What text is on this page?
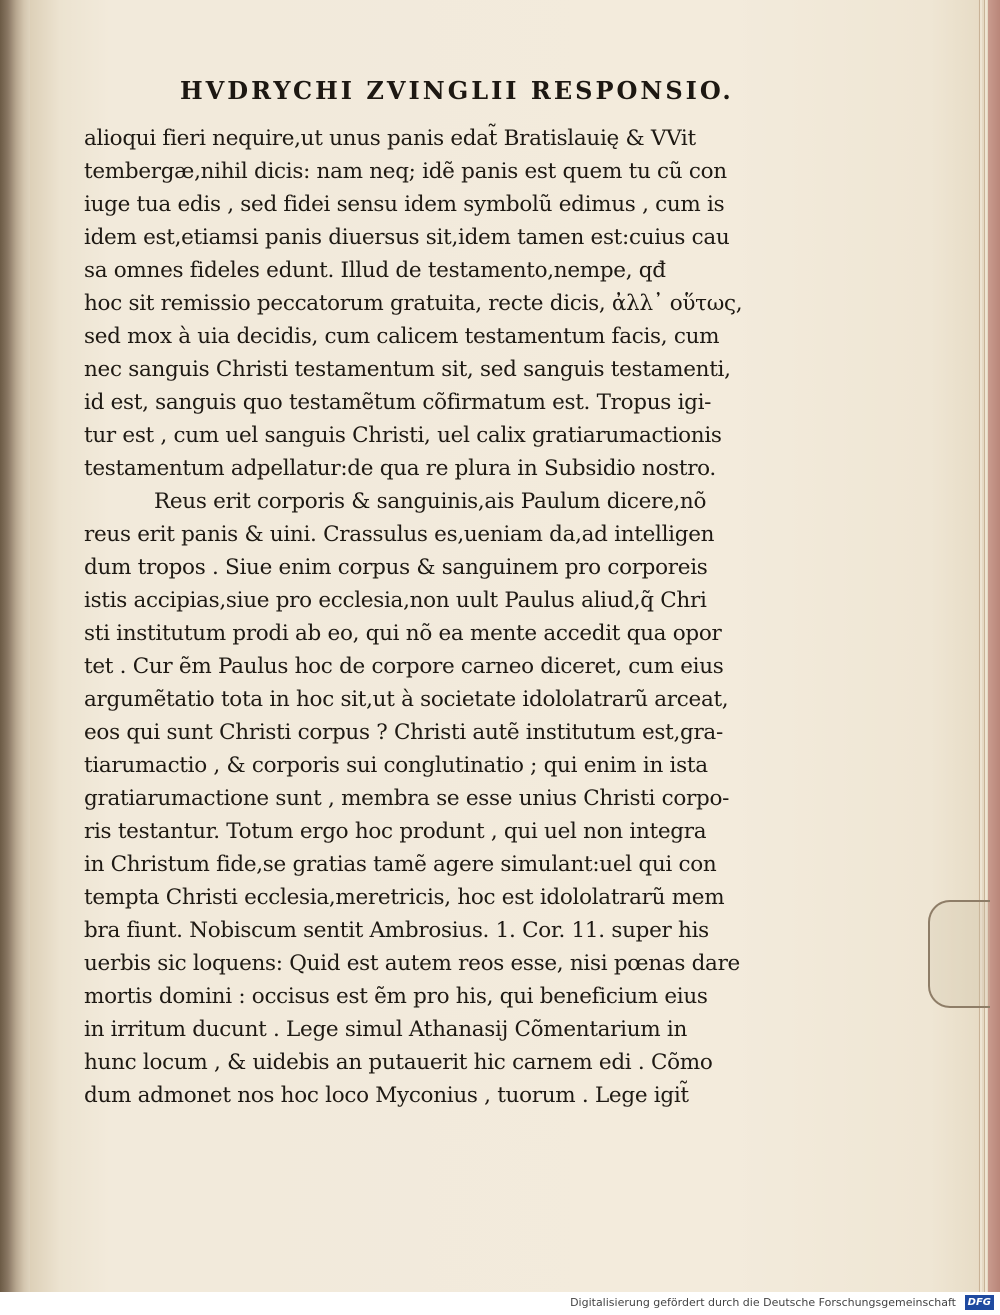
HVDRYCHI ZVINGLII RESPONSIO.
alioqui fieri nequire,ut unus panis edat̃ Bratislauię & VVit
tembergæ,nihil dicis: nam neq; idẽ panis est quem tu cũ con
iuge tua edis , sed fidei sensu idem symbolũ edimus , cum is
idem est,etiamsi panis diuersus sit,idem tamen est:cuius cau
sa omnes fideles edunt. Illud de testamento,nempe, qđ
hoc sit remissio peccatorum gratuita, recte dicis, ἀλλ᾽ οὕτως,
sed mox à uia decidis, cum calicem testamentum facis, cum
nec sanguis Christi testamentum sit, sed sanguis testamenti,
id est, sanguis quo testamẽtum cõfirmatum est. Tropus igi-
tur est , cum uel sanguis Christi, uel calix gratiarumactionis
testamentum adpellatur:de qua re plura in Subsidio nostro.
Reus erit corporis & sanguinis,ais Paulum dicere,nõ
reus erit panis & uini. Crassulus es,ueniam da,ad intelligen
dum tropos . Siue enim corpus & sanguinem pro corporeis
istis accipias,siue pro ecclesia,non uult Paulus aliud,q̃ Chri
sti institutum prodi ab eo, qui nõ ea mente accedit qua opor
tet . Cur ẽm Paulus hoc de corpore carneo diceret, cum eius
argumẽtatio tota in hoc sit,ut à societate idololatrarũ arceat,
eos qui sunt Christi corpus ? Christi autẽ institutum est,gra-
tiarumactio , & corporis sui conglutinatio ; qui enim in ista
gratiarumactione sunt , membra se esse unius Christi corpo-
ris testantur. Totum ergo hoc produnt , qui uel non integra
in Christum fide,se gratias tamẽ agere simulant:uel qui con
tempta Christi ecclesia,meretricis, hoc est idololatrarũ mem
bra fiunt. Nobiscum sentit Ambrosius. 1. Cor. 11. super his
uerbis sic loquens: Quid est autem reos esse, nisi pœnas dare
mortis domini : occisus est ẽm pro his, qui beneficium eius
in irritum ducunt . Lege simul Athanasij Cõmentarium in
hunc locum , & uidebis an putauerit hic carnem edi . Cõmo
dum admonet nos hoc loco Myconius , tuorum . Lege igit̃
Digitalisierung gefördert durch die Deutsche Forschungsgemeinschaft	DFG
